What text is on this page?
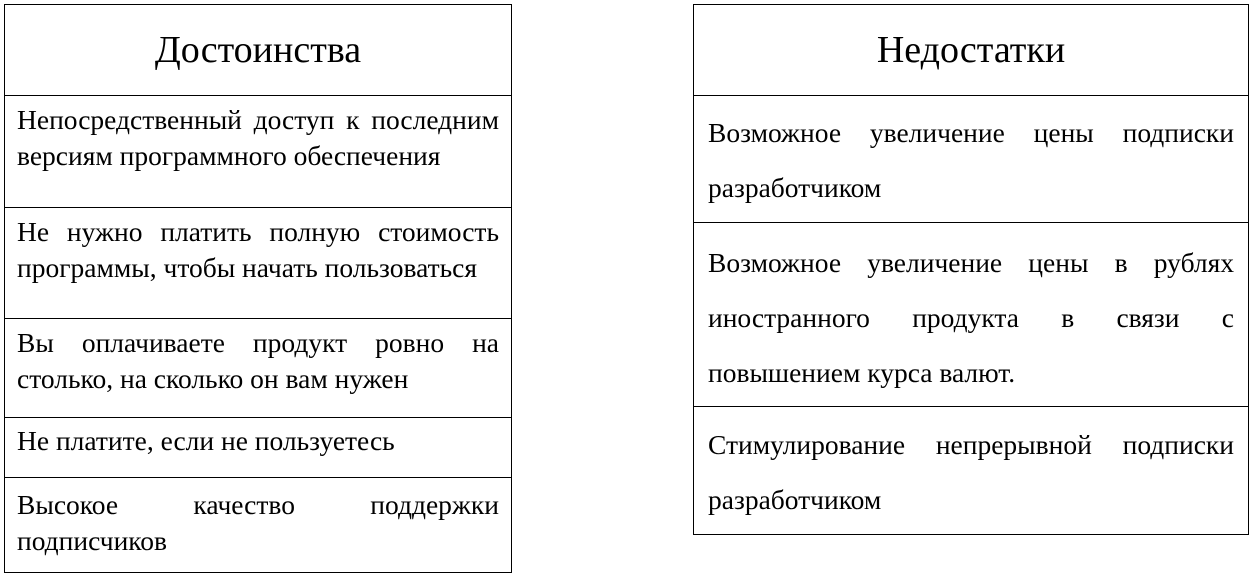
Достоинства
Непосредственный доступ к последним версиям программного обеспечения
Не нужно платить полную стоимость программы, чтобы начать пользоваться
Вы оплачиваете продукт ровно на столько, на сколько он вам нужен
Не платите, если не пользуетесь
Высокое качество поддержки подписчиков
Недостатки
Возможное увеличение цены подписки разработчиком
Возможное увеличение цены в рублях иностранного продукта в связи с повышением курса валют.
Стимулирование непрерывной подписки разработчиком
